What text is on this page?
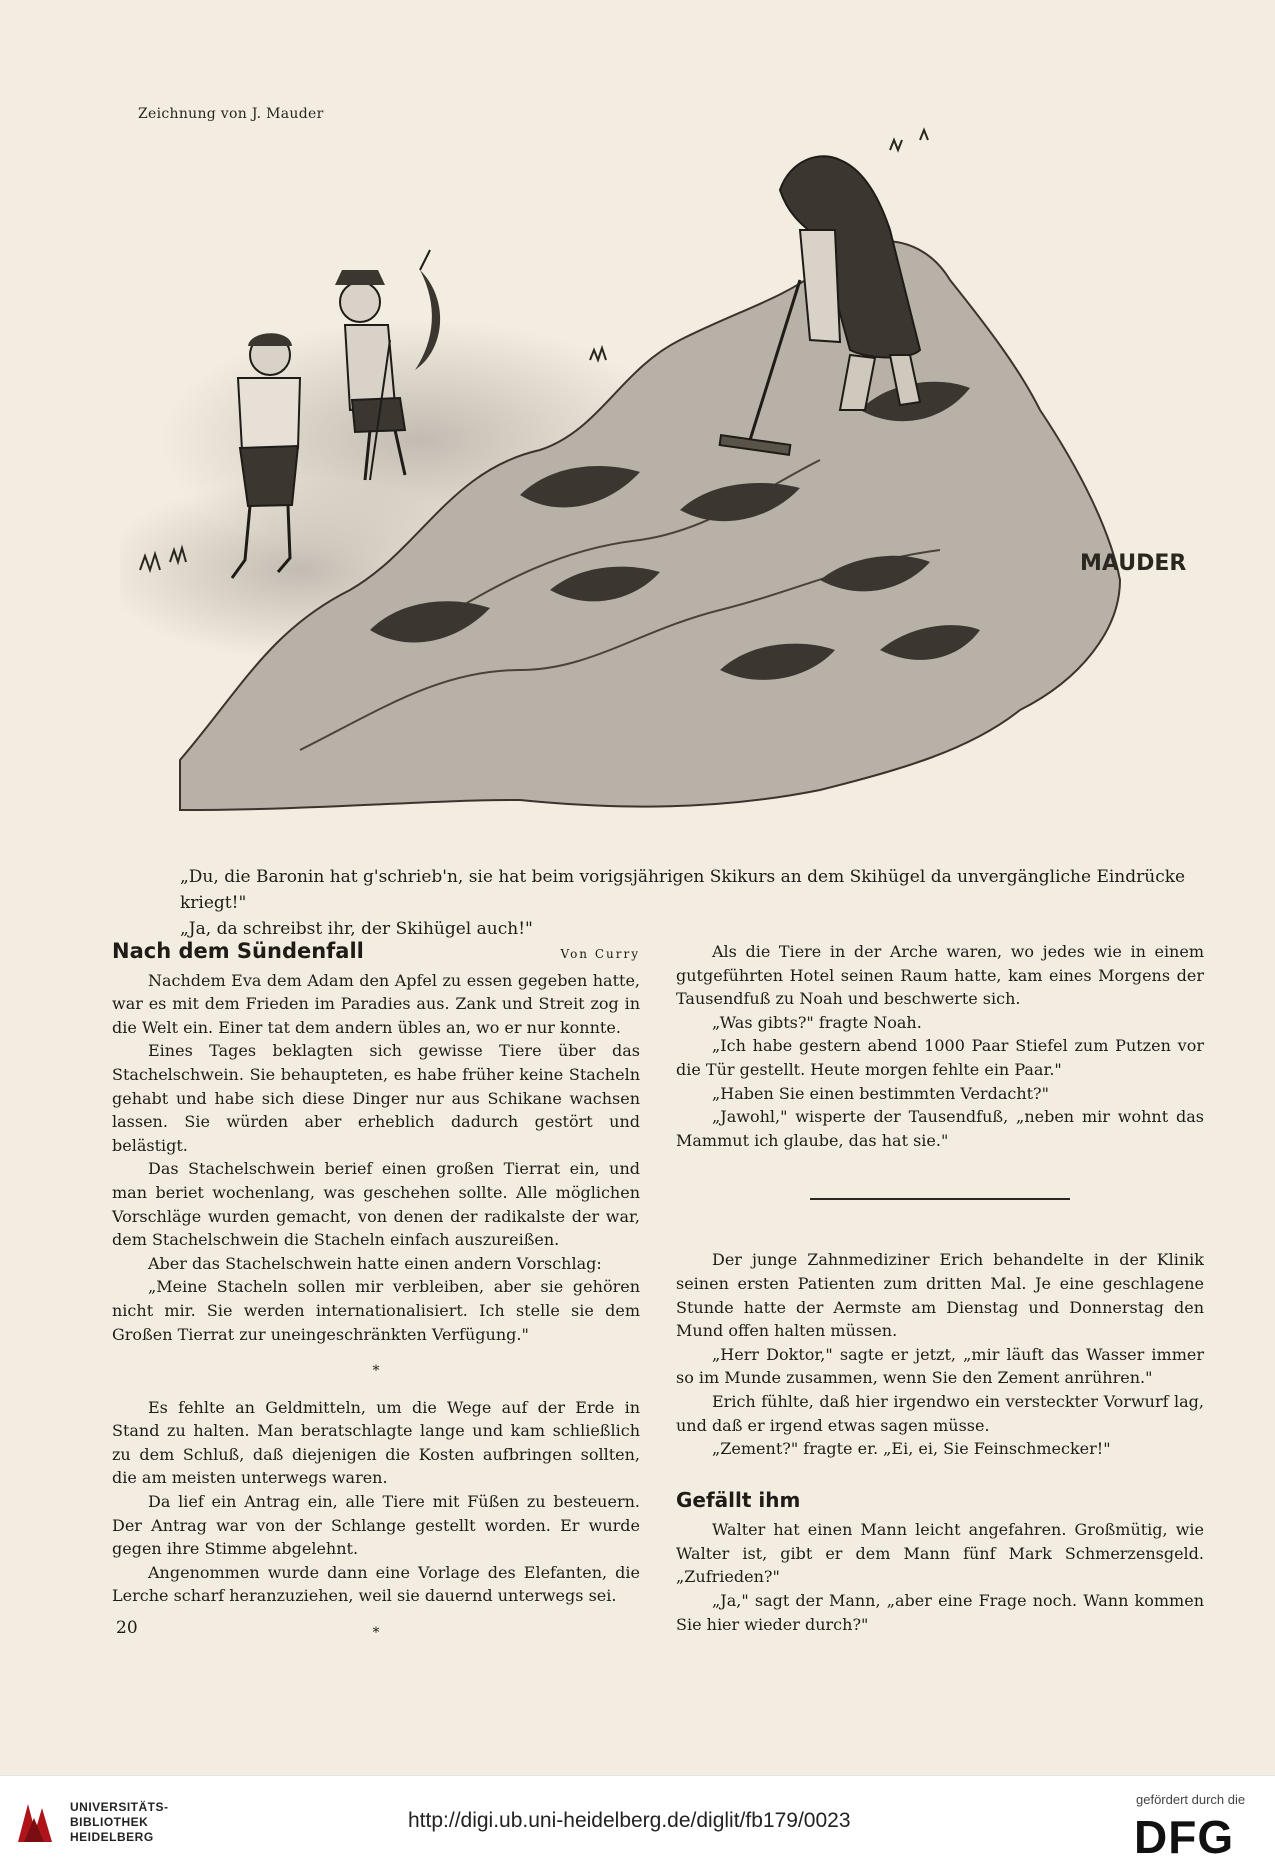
Zeichnung von J. Mauder
MAUDER

„Du, die Baronin hat g'schrieb'n, sie hat beim vorigsjährigen Skikurs an dem Skihügel da unvergängliche Eindrücke kriegt!"

„Ja, da schreibst ihr, der Skihügel auch!"

Nach dem Sündenfall	Von Curry

Nachdem Eva dem Adam den Apfel zu essen gegeben hatte, war es mit dem Frieden im Paradies aus. Zank und Streit zog in die Welt ein. Einer tat dem andern übles an, wo er nur konnte.

Eines Tages beklagten sich gewisse Tiere über das Stachelschwein. Sie behaupteten, es habe früher keine Stacheln gehabt und habe sich diese Dinger nur aus Schikane wachsen lassen. Sie würden aber erheblich dadurch gestört und belästigt.

Das Stachelschwein berief einen großen Tierrat ein, und man beriet wochenlang, was geschehen sollte. Alle möglichen Vorschläge wurden gemacht, von denen der radikalste der war, dem Stachelschwein die Stacheln einfach auszureißen.

Aber das Stachelschwein hatte einen andern Vorschlag:

„Meine Stacheln sollen mir verbleiben, aber sie gehören nicht mir. Sie werden internationalisiert. Ich stelle sie dem Großen Tierrat zur uneingeschränkten Verfügung."

*

Es fehlte an Geldmitteln, um die Wege auf der Erde in Stand zu halten. Man beratschlagte lange und kam schließlich zu dem Schluß, daß diejenigen die Kosten aufbringen sollten, die am meisten unterwegs waren.

Da lief ein Antrag ein, alle Tiere mit Füßen zu besteuern. Der Antrag war von der Schlange gestellt worden. Er wurde gegen ihre Stimme abgelehnt.

Angenommen wurde dann eine Vorlage des Elefanten, die Lerche scharf heranzuziehen, weil sie dauernd unterwegs sei.

*

Als die Tiere in der Arche waren, wo jedes wie in einem gutgeführten Hotel seinen Raum hatte, kam eines Morgens der Tausendfuß zu Noah und beschwerte sich.

„Was gibts?" fragte Noah.

„Ich habe gestern abend 1000 Paar Stiefel zum Putzen vor die Tür gestellt. Heute morgen fehlte ein Paar."

„Haben Sie einen bestimmten Verdacht?"

„Jawohl," wisperte der Tausendfuß, „neben mir wohnt das Mammut ich glaube, das hat sie."

Der junge Zahnmediziner Erich behandelte in der Klinik seinen ersten Patienten zum dritten Mal. Je eine geschlagene Stunde hatte der Aermste am Dienstag und Donnerstag den Mund offen halten müssen.

„Herr Doktor," sagte er jetzt, „mir läuft das Wasser immer so im Munde zusammen, wenn Sie den Zement anrühren."

Erich fühlte, daß hier irgendwo ein versteckter Vorwurf lag, und daß er irgend etwas sagen müsse.

„Zement?" fragte er. „Ei, ei, Sie Feinschmecker!"

Gefällt ihm

Walter hat einen Mann leicht angefahren. Großmütig, wie Walter ist, gibt er dem Mann fünf Mark Schmerzensgeld. „Zufrieden?"

„Ja," sagt der Mann, „aber eine Frage noch. Wann kommen Sie hier wieder durch?"

20
UNIVERSITÄTS-
BIBLIOTHEK
HEIDELBERG
http://digi.ub.uni-heidelberg.de/diglit/fb179/0023
gefördert durch die
DFG
